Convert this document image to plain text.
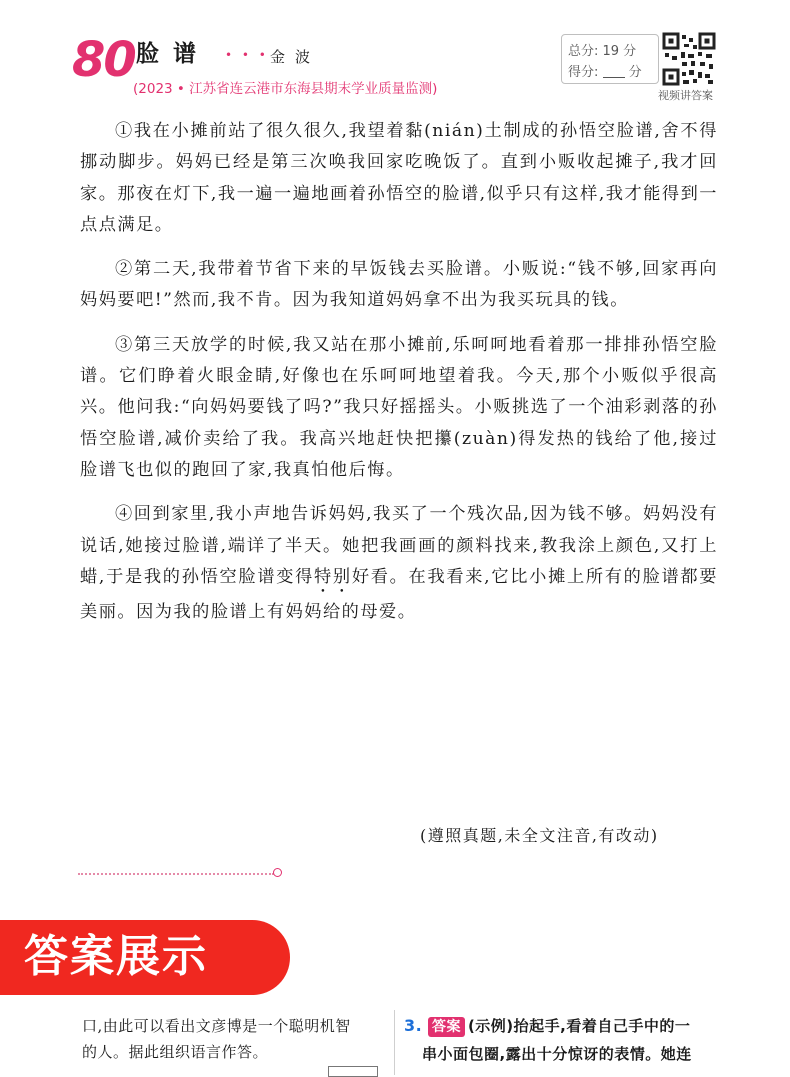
80 脸谱 • • • 金波
(2023 • 江苏省连云港市东海县期末学业质量监测)
总分: 19 分
得分: 分
视频讲答案

①我在小摊前站了很久很久,我望着黏(nián)土制成的孙悟空脸谱,舍不得挪动脚步。妈妈已经是第三次唤我回家吃晚饭了。直到小贩收起摊子,我才回家。那夜在灯下,我一遍一遍地画着孙悟空的脸谱,似乎只有这样,我才能得到一点点满足。

②第二天,我带着节省下来的早饭钱去买脸谱。小贩说:“钱不够,回家再向妈妈要吧!”然而,我不肯。因为我知道妈妈拿不出为我买玩具的钱。

③第三天放学的时候,我又站在那小摊前,乐呵呵地看着那一排排孙悟空脸谱。它们睁着火眼金睛,好像也在乐呵呵地望着我。今天,那个小贩似乎很高兴。他问我:“向妈妈要钱了吗?”我只好摇摇头。小贩挑选了一个油彩剥落的孙悟空脸谱,减价卖给了我。我高兴地赶快把攥(zuàn)得发热的钱给了他,接过脸谱飞也似的跑回了家,我真怕他后悔。

④回到家里,我小声地告诉妈妈,我买了一个残次品,因为钱不够。妈妈没有说话,她接过脸谱,端详了半天。她把我画画的颜料找来,教我涂上颜色,又打上蜡,于是我的孙悟空脸谱变得特别好看。在我看来,它比小摊上所有的脸谱都要美丽。因为我的脸谱上有妈妈给的母爱。

(遵照真题,未全文注音,有改动)
答案展示

口,由此可以看出文彦博是一个聪明机智

的人。据此组织语言作答。

3. 答案 (示例)抬起手,看着自己手中的一

串小面包圈,露出十分惊讶的表情。她连
